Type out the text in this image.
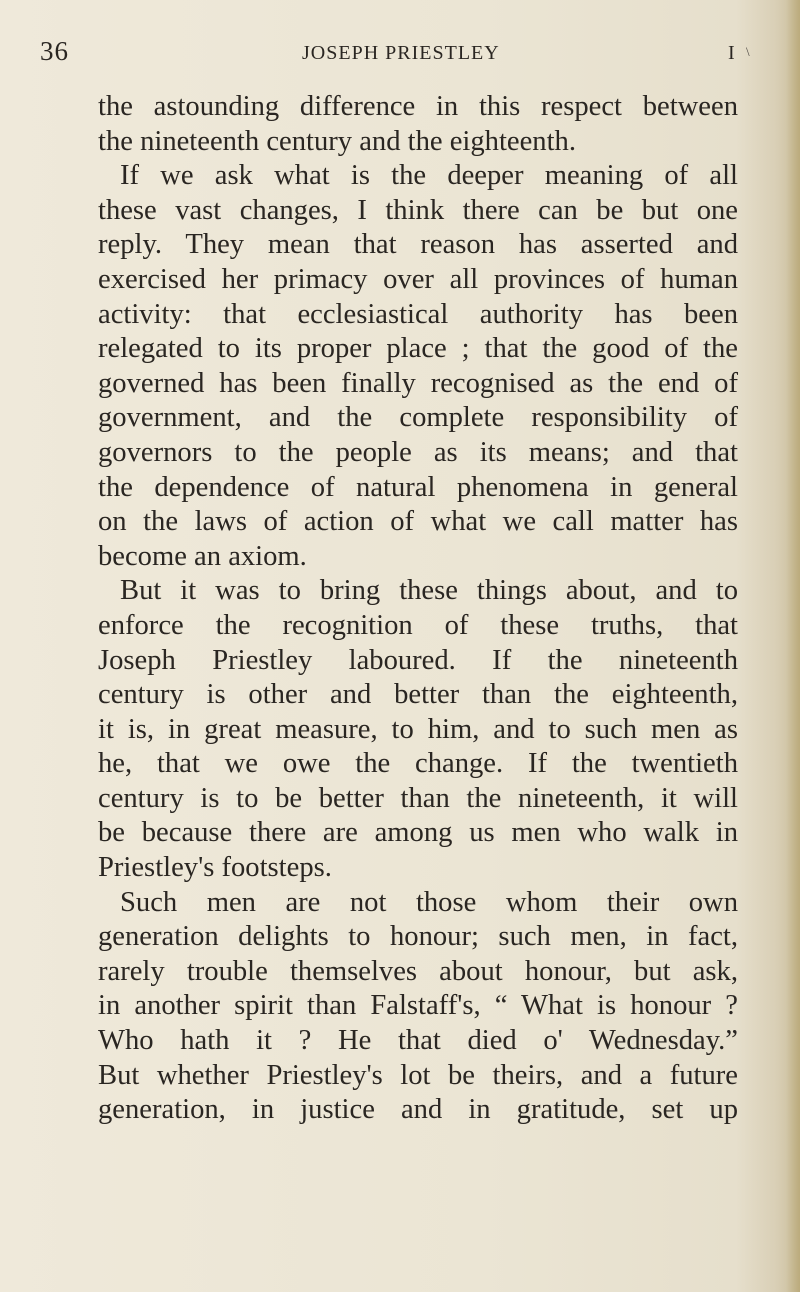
36	JOSEPH PRIESTLEY	\
I
the astounding difference in this respect between
the nineteenth century and the eighteenth.
If we ask what is the deeper meaning of all
these vast changes, I think there can be but one
reply. They mean that reason has asserted and
exercised her primacy over all provinces of human
activity: that ecclesiastical authority has been
relegated to its proper place ; that the good of the
governed has been finally recognised as the end of
government, and the complete responsibility of
governors to the people as its means; and that
the dependence of natural phenomena in general
on the laws of action of what we call matter has
become an axiom.
But it was to bring these things about, and to
enforce the recognition of these truths, that
Joseph Priestley laboured. If the nineteenth
century is other and better than the eighteenth,
it is, in great measure, to him, and to such men as
he, that we owe the change. If the twentieth
century is to be better than the nineteenth, it will
be because there are among us men who walk in
Priestley's footsteps.
Such men are not those whom their own
generation delights to honour; such men, in fact,
rarely trouble themselves about honour, but ask,
in another spirit than Falstaff's, “ What is honour ?
Who hath it ? He that died o' Wednesday.”
But whether Priestley's lot be theirs, and a future
generation, in justice and in gratitude, set up
